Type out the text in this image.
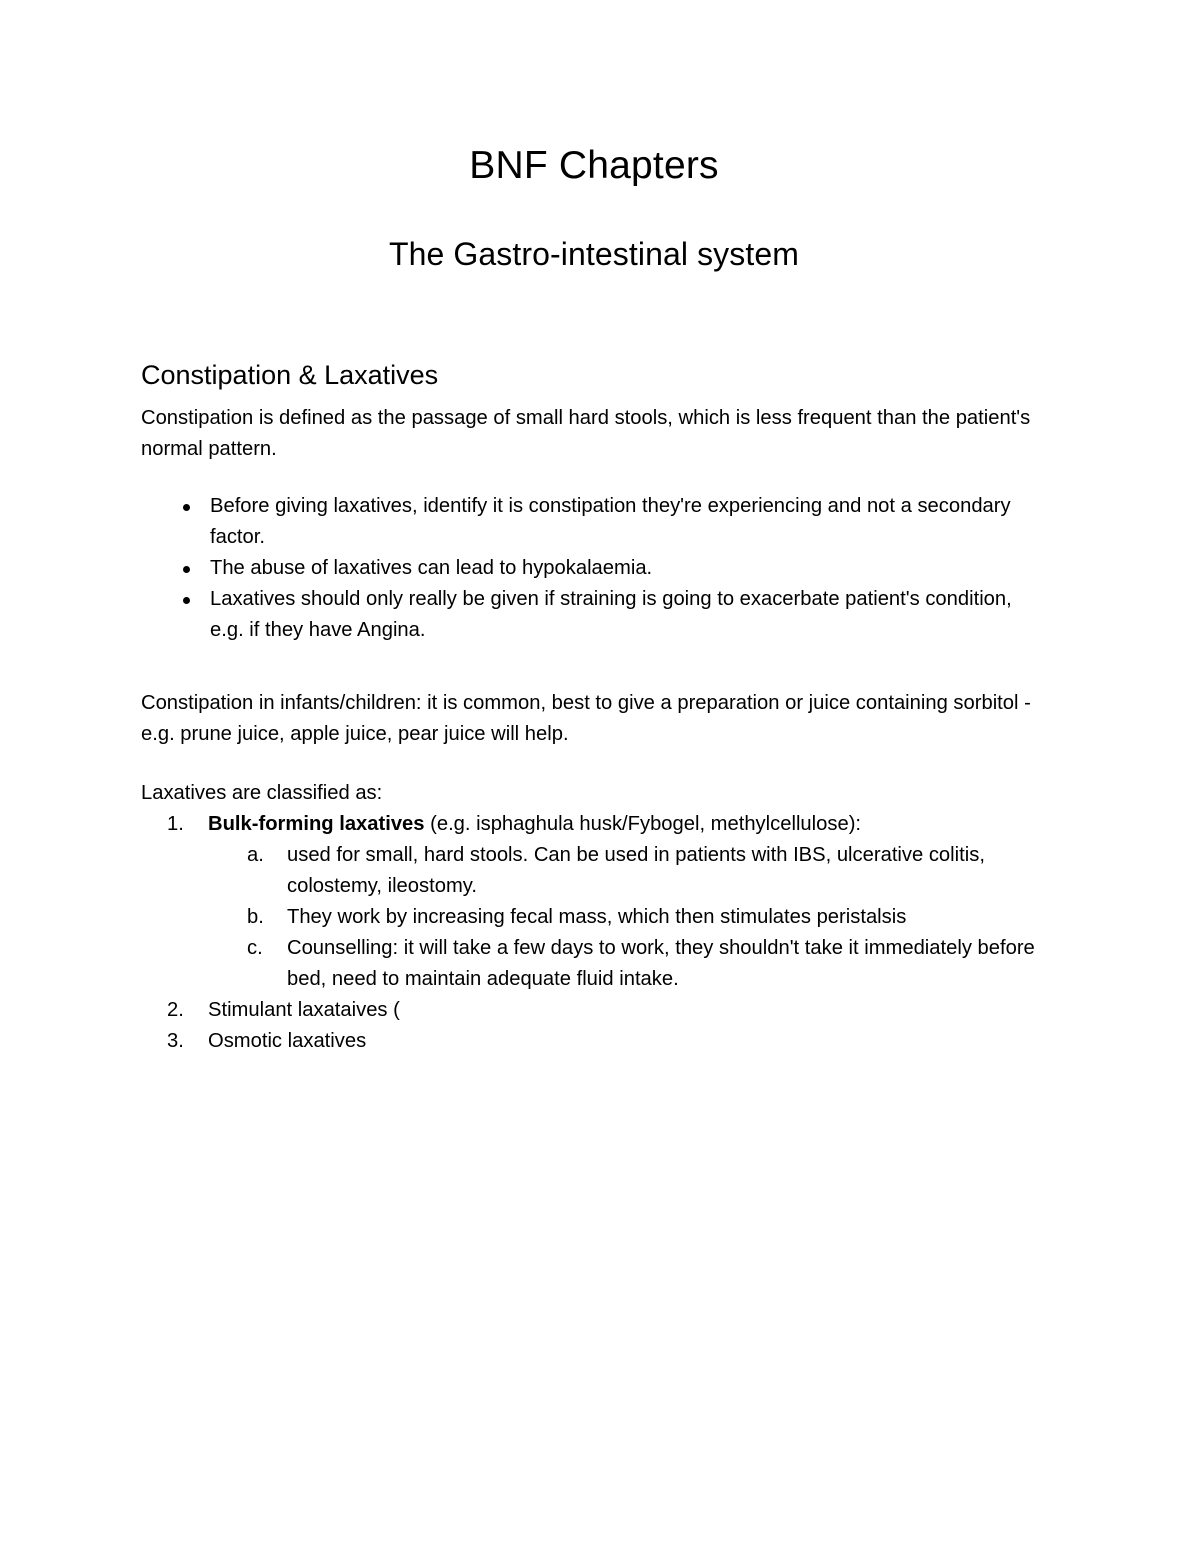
BNF Chapters
The Gastro-intestinal system
Constipation & Laxatives

Constipation is defined as the passage of small hard stools, which is less frequent than the patient's normal pattern.

Before giving laxatives, identify it is constipation they're experiencing and not a secondary factor.
The abuse of laxatives can lead to hypokalaemia.
Laxatives should only really be given if straining is going to exacerbate patient's condition, e.g. if they have Angina.

Constipation in infants/children: it is common, best to give a preparation or juice containing sorbitol - e.g. prune juice, apple juice, pear juice will help.

Laxatives are classified as:

Bulk-forming laxatives (e.g. isphaghula husk/Fybogel, methylcellulose):
used for small, hard stools. Can be used in patients with IBS, ulcerative colitis, colostemy, ileostomy.
They work by increasing fecal mass, which then stimulates peristalsis
Counselling: it will take a few days to work, they shouldn't take it immediately before bed, need to maintain adequate fluid intake.
Stimulant laxataives (
Osmotic laxatives
